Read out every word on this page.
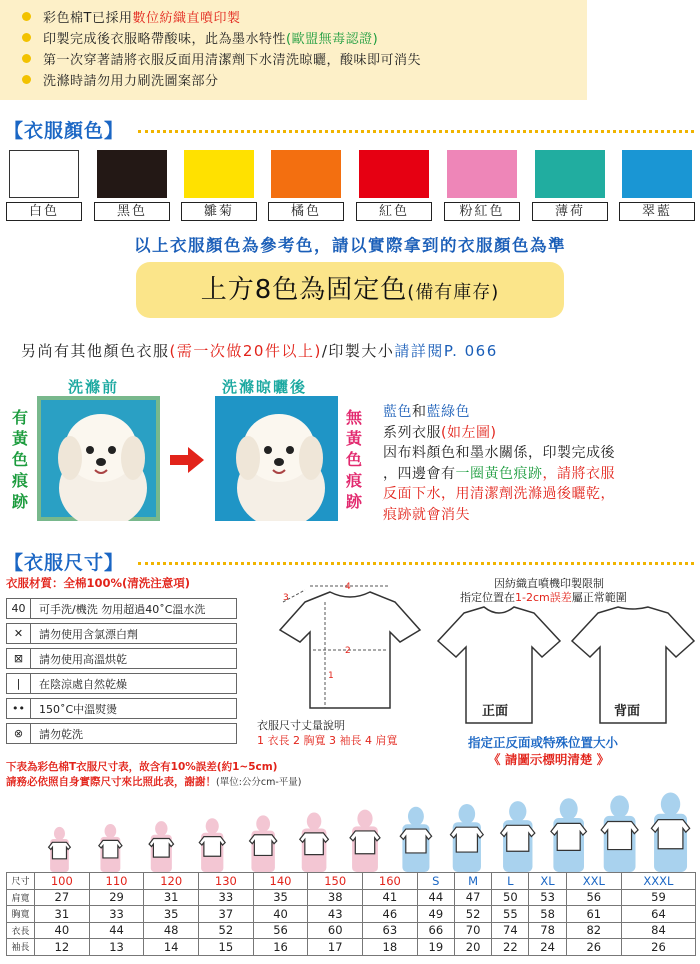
彩色棉T已採用 數位紡織直噴印製
印製完成後衣服略帶酸味，此為墨水特性 (歐盟無毒認證)
第一次穿著請將衣服反面用清潔劑下水清洗晾曬，酸味即可消失
洗滌時請勿用力刷洗圖案部分
【衣服顏色】
白色	黑色	雛菊	橘色	紅色	粉紅色	薄荷	翠藍
以上衣服顏色為參考色，請以實際拿到的衣服顏色為準
上方8色為固定色(備有庫存)
另尚有其他顏色衣服(需一次做20件以上)/印製大小請詳閱P. 066
洗滌前	洗滌晾曬後
有黃色痕跡
無黃色痕跡
藍色和藍綠色
系列衣服(如左圖)
因布料顏色和墨水關係，印製完成後
，四邊會有一圈黃色痕跡，請將衣服
反面下水，用清潔劑洗滌過後曬乾，
痕跡就會消失
【衣服尺寸】
衣服材質：全棉100%(清洗注意項)
40	可手洗/機洗 勿用超過40˚C溫水洗
✕	請勿使用含氯漂白劑
⊠	請勿使用高溫烘乾
|	在陰涼處自然乾燥
••	150˚C中溫熨燙
⊗	請勿乾洗
4
3
2
1
衣服尺寸丈量說明
1 衣長 2 胸寬 3 袖長 4 肩寬
因紡織直噴機印製限制
指定位置在1-2cm誤差屬正常範圍
正面	背面
指定正反面或特殊位置大小
《 請圖示標明清楚 》
下表為彩色棉T衣服尺寸表，故含有10%誤差(約1~5cm)
請務必依照自身實際尺寸來比照此表，謝謝！(單位:公分cm-平量)
尺寸	100	110	120	130	140	150	160	S	M	L	XL	XXL	XXXL
肩寬	27	29	31	33	35	38	41	44	47	50	53	56	59
胸寬	31	33	35	37	40	43	46	49	52	55	58	61	64
衣長	40	44	48	52	56	60	63	66	70	74	78	82	84
袖長	12	13	14	15	16	17	18	19	20	22	24	26	26
